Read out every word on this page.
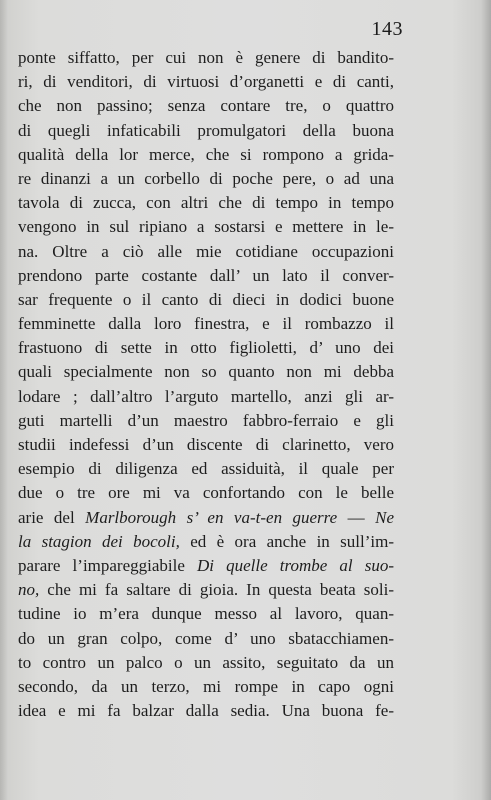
143
ponte siffatto, per cui non è genere di bandito-
ri, di venditori, di virtuosi d’organetti e di canti,
che non passino; senza contare tre, o quattro
di quegli infaticabili promulgatori della buona
qualità della lor merce, che si rompono a grida-
re dinanzi a un corbello di poche pere, o ad una
tavola di zucca, con altri che di tempo in tempo
vengono in sul ripiano a sostarsi e mettere in le-
na. Oltre a ciò alle mie cotidiane occupazioni
prendono parte costante dall’ un lato il conver-
sar frequente o il canto di dieci in dodici buone
femminette dalla loro finestra, e il rombazzo il
frastuono di sette in otto figlioletti, d’ uno dei
quali specialmente non so quanto non mi debba
lodare ; dall’altro l’arguto martello, anzi gli ar-
guti martelli d’un maestro fabbro-ferraio e gli
studii indefessi d’un discente di clarinetto, vero
esempio di diligenza ed assiduità, il quale per
due o tre ore mi va confortando con le belle
arie del Marlborough s’ en va-t-en guerre — Ne
la stagion dei bocoli, ed è ora anche in sull’im-
parare l’impareggiabile Di quelle trombe al suo-
no, che mi fa saltare di gioia. In questa beata soli-
tudine io m’era dunque messo al lavoro, quan-
do un gran colpo, come d’ uno sbatacchiamen-
to contro un palco o un assito, seguitato da un
secondo, da un terzo, mi rompe in capo ogni
idea e mi fa balzar dalla sedia. Una buona fe-
